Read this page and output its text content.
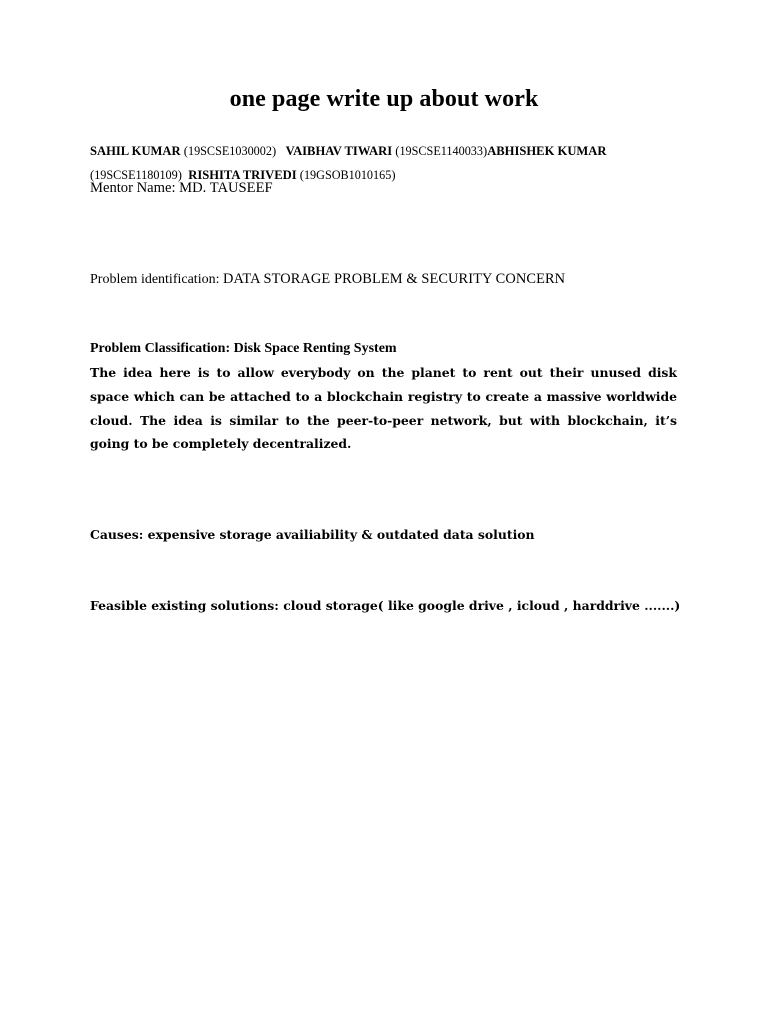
one page write up about work
SAHIL KUMAR (19SCSE1030002)   VAIBHAV TIWARI (19SCSE1140033)ABHISHEK KUMAR
(19SCSE1180109)  RISHITA TRIVEDI (19GSOB1010165)
Mentor Name: MD. TAUSEEF
Problem identification: DATA STORAGE PROBLEM & SECURITY CONCERN
Problem Classification: Disk Space Renting System
The idea here is to allow everybody on the planet to rent out their unused disk space which can be attached to a blockchain registry to create a massive worldwide cloud. The idea is similar to the peer-to-peer network, but with blockchain, it’s going to be completely decentralized.
Causes: expensive storage availiability & outdated data solution
Feasible existing solutions: cloud storage( like google drive , icloud , harddrive .......)
